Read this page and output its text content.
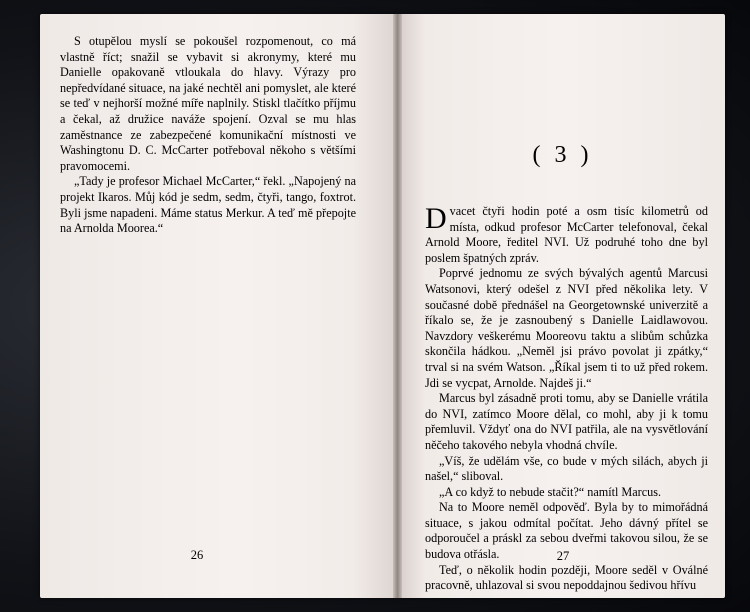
S otupělou myslí se pokoušel rozpomenout, co má vlastně říct; snažil se vybavit si akronymy, které mu Danielle opakovaně vtloukala do hlavy. Výrazy pro nepředvídané situace, na jaké nechtěl ani pomyslet, ale které se teď v nejhorší možné míře naplnily. Stiskl tlačítko příjmu a čekal, až družice naváže spojení. Ozval se mu hlas zaměstnance ze zabezpečené komunikační místnosti ve Washingtonu D. C. McCarter potřeboval někoho s většími pravomocemi.

„Tady je profesor Michael McCarter,“ řekl. „Napojený na projekt Ikaros. Můj kód je sedm, sedm, čtyři, tango, foxtrot. Byli jsme napadeni. Máme status Merkur. A teď mě přepojte na Arnolda Moorea.“

26
( 3 )

Dvacet čtyři hodin poté a osm tisíc kilometrů od místa, odkud profesor McCarter telefonoval, čekal Arnold Moore, ředitel NVI. Už podruhé toho dne byl poslem špatných zpráv.

Poprvé jednomu ze svých bývalých agentů Marcusi Watsonovi, který odešel z NVI před několika lety. V současné době přednášel na Georgetownské univerzitě a říkalo se, že je zasnoubený s Danielle Laidlawovou. Navzdory veškerému Mooreovu taktu a slibům schůzka skončila hádkou. „Neměl jsi právo povolat ji zpátky,“ trval si na svém Watson. „Říkal jsem ti to už před rokem. Jdi se vycpat, Arnolde. Najdeš ji.“

Marcus byl zásadně proti tomu, aby se Danielle vrátila do NVI, zatímco Moore dělal, co mohl, aby ji k tomu přemluvil. Vždyť ona do NVI patřila, ale na vysvětlování něčeho takového nebyla vhodná chvíle.

„Víš, že udělám vše, co bude v mých silách, abych ji našel,“ sliboval.

„A co když to nebude stačit?“ namítl Marcus.

Na to Moore neměl odpověď. Byla by to mimořádná situace, s jakou odmítal počítat. Jeho dávný přítel se odporoučel a práskl za sebou dveřmi takovou silou, že se budova otřásla.

Teď, o několik hodin později, Moore seděl v Oválné pracovně, uhlazoval si svou nepoddajnou šedivou hřívu

27
